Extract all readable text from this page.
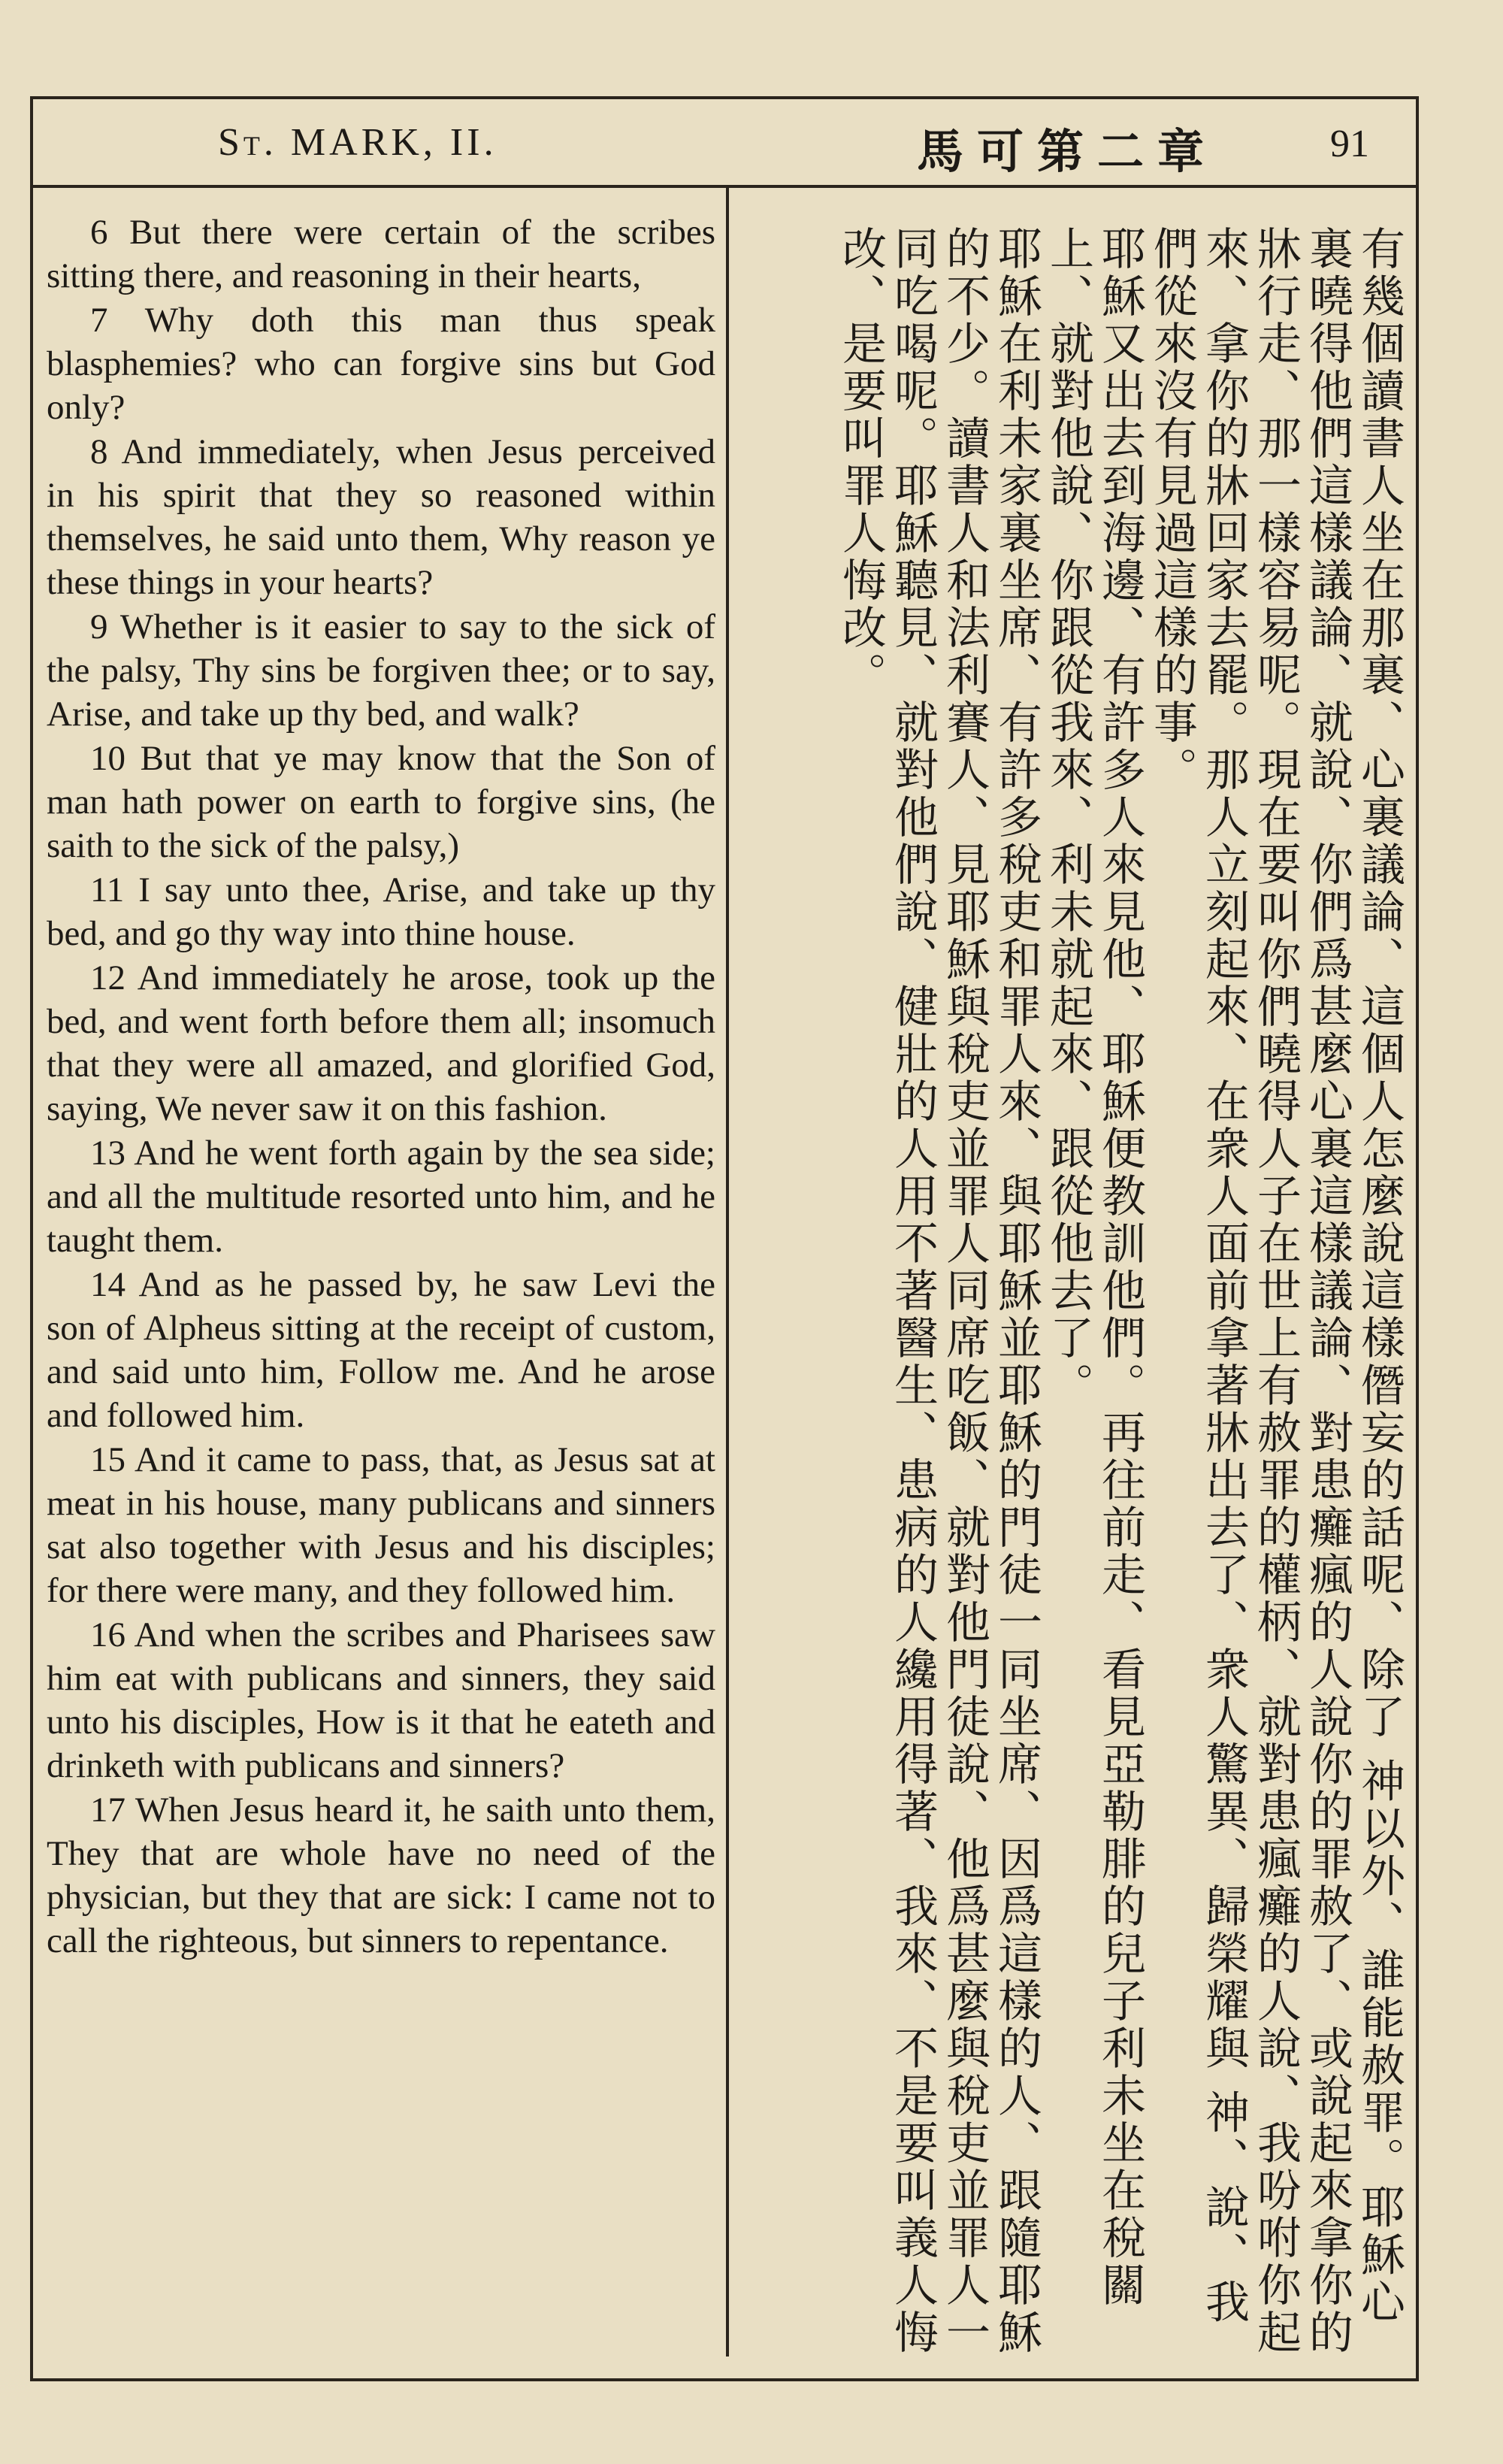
St. MARK, II.	馬可第二章	91

6 But there were certain of the scribes sitting there, and reasoning in their hearts,

7 Why doth this man thus speak blasphemies? who can forgive sins but God only?

8 And immediately, when Jesus perceived in his spirit that they so reasoned within themselves, he said unto them, Why reason ye these things in your hearts?

9 Whether is it easier to say to the sick of the palsy, Thy sins be forgiven thee; or to say, Arise, and take up thy bed, and walk?

10 But that ye may know that the Son of man hath power on earth to forgive sins, (he saith to the sick of the palsy,)

11 I say unto thee, Arise, and take up thy bed, and go thy way into thine house.

12 And immediately he arose, took up the bed, and went forth before them all; insomuch that they were all amazed, and glorified God, saying, We never saw it on this fashion.

13 And he went forth again by the sea side; and all the multitude resorted unto him, and he taught them.

14 And as he passed by, he saw Levi the son of Alpheus sitting at the receipt of custom, and said unto him, Follow me. And he arose and followed him.

15 And it came to pass, that, as Jesus sat at meat in his house, many publicans and sinners sat also together with Jesus and his disciples; for there were many, and they followed him.

16 And when the scribes and Pharisees saw him eat with publicans and sinners, they said unto his disciples, How is it that he eateth and drinketh with publicans and sinners?

17 When Jesus heard it, he saith unto them, They that are whole have no need of the physician, but they that are sick: I came not to call the righteous, but sinners to repentance.	有幾個讀書人坐在那裏、心裏議論、這個人怎麼說這樣僭妄的話呢、除了 神以外、誰能赦罪。耶穌心裏曉得他們這樣議論、就說、你們爲甚麼心裏這樣議論、對患癱瘋的人說你的罪赦了、或說起來拿你的牀行走、那一樣容易呢。現在要叫你們曉得人子在世上有赦罪的權柄、就對患瘋癱的人說、我吩咐你起來、拿你的牀回家去罷。那人立刻起來、在衆人面前拿著牀出去了、衆人驚異、歸榮耀與 神、說、我們從來沒有見過這樣的事。

耶穌又出去到海邊、有許多人來見他、耶穌便教訓他們。再往前走、看見亞勒腓的兒子利未坐在稅關上、就對他說、你跟從我來、利未就起來、跟從他去了。

耶穌在利未家裏坐席、有許多稅吏和罪人來、與耶穌並耶穌的門徒一同坐席、因爲這樣的人、跟隨耶穌的不少。讀書人和法利賽人、見耶穌與稅吏並罪人同席吃飯、就對他門徒說、他爲甚麼與稅吏並罪人一同吃喝呢。耶穌聽見、就對他們說、健壯的人用不著醫生、患病的人纔用得著、我來、不是要叫義人悔改、是要叫罪人悔改。
